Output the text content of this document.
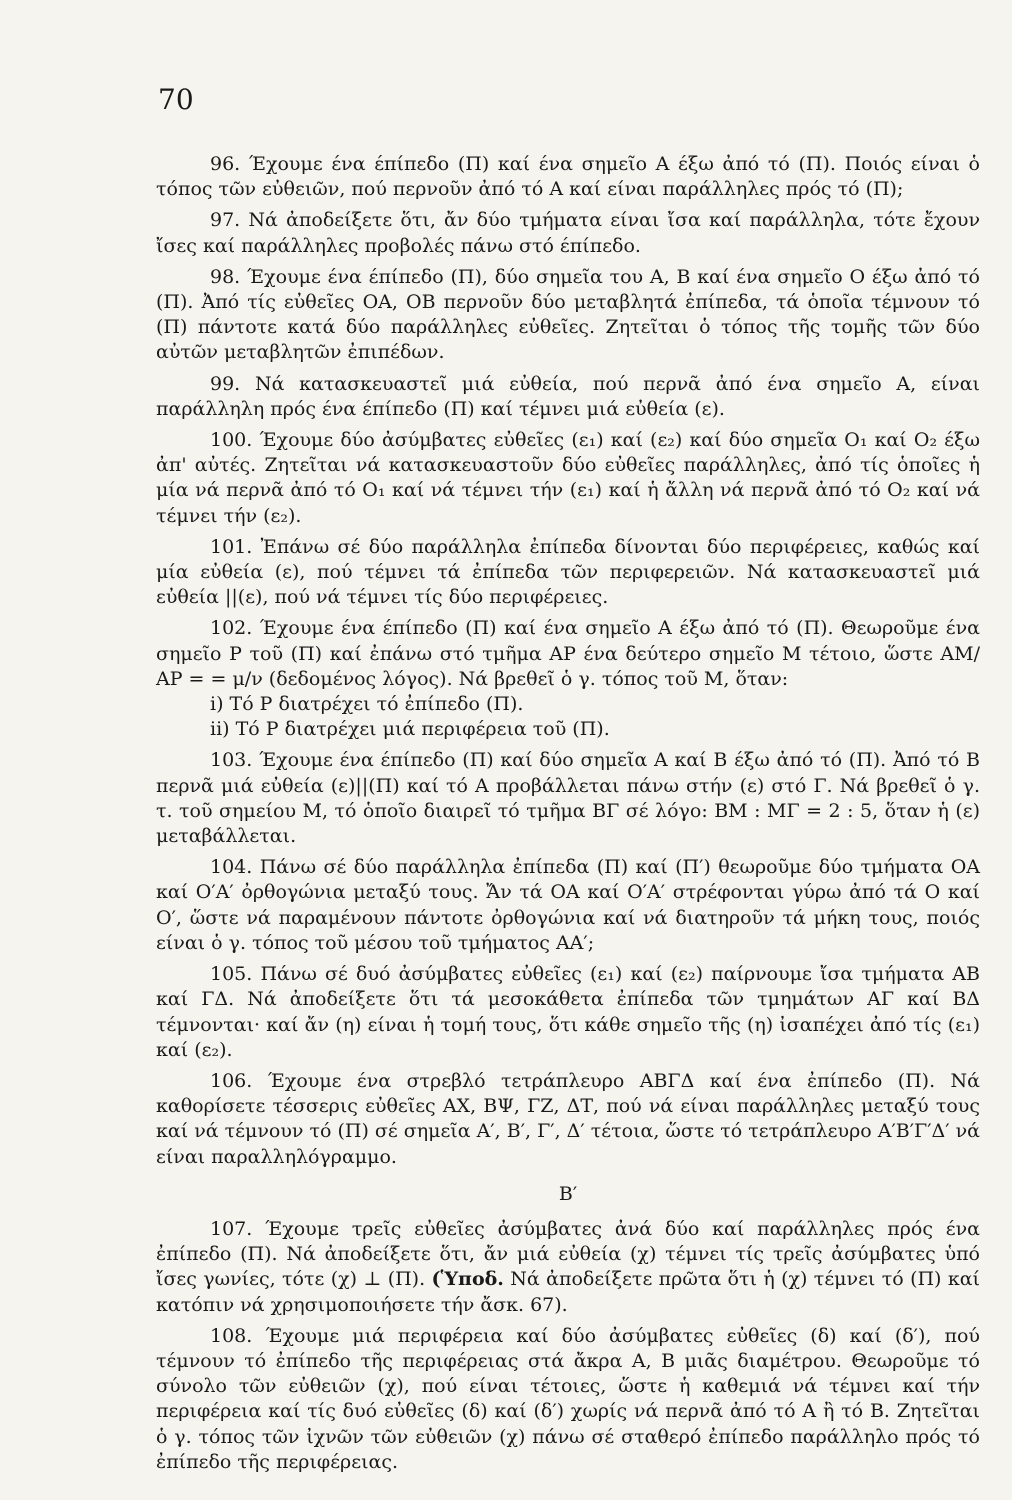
70

96. Έχουμε ένα έπίπεδο (Π) καί ένα σημεῖο Α έξω ἀπό τό (Π). Ποιός είναι ὁ τόπος τῶν εὐθειῶν, πού περνοῦν ἀπό τό Α καί είναι παράλληλες πρός τό (Π);

97. Νά ἀποδείξετε ὅτι, ἄν δύο τμήματα είναι ἴσα καί παράλληλα, τότε ἔχουν ἴσες καί παράλληλες προβολές πάνω στό έπίπεδο.

98. Έχουμε ένα έπίπεδο (Π), δύο σημεῖα του Α, Β καί ένα σημεῖο Ο έξω ἀπό τό (Π). Ἀπό τίς εὐθεῖες ΟΑ, ΟΒ περνοῦν δύο μεταβλητά ἐπίπεδα, τά ὁποῖα τέμνουν τό (Π) πάντοτε κατά δύο παράλληλες εὐθεῖες. Ζητεῖται ὁ τόπος τῆς τομῆς τῶν δύο αὐτῶν μεταβλητῶν ἐπιπέδων.

99. Νά κατασκευαστεῖ μιά εὐθεία, πού περνᾶ ἀπό ένα σημεῖο Α, είναι παράλληλη πρός ένα έπίπεδο (Π) καί τέμνει μιά εὐθεία (ε).

100. Έχουμε δύο ἀσύμβατες εὐθεῖες (ε₁) καί (ε₂) καί δύο σημεῖα Ο₁ καί Ο₂ έξω ἀπ' αὐτές. Ζητεῖται νά κατασκευαστοῦν δύο εὐθεῖες παράλληλες, ἀπό τίς ὁποῖες ἡ μία νά περνᾶ ἀπό τό Ο₁ καί νά τέμνει τήν (ε₁) καί ἡ ἄλλη νά περνᾶ ἀπό τό Ο₂ καί νά τέμνει τήν (ε₂).

101. Ἐπάνω σέ δύο παράλληλα ἐπίπεδα δίνονται δύο περιφέρειες, καθώς καί μία εὐθεία (ε), πού τέμνει τά ἐπίπεδα τῶν περιφερειῶν. Νά κατασκευαστεῖ μιά εὐθεία ||(ε), πού νά τέμνει τίς δύο περιφέρειες.

102. Έχουμε ένα έπίπεδο (Π) καί ένα σημεῖο Α έξω ἀπό τό (Π). Θεωροῦμε ένα σημεῖο Ρ τοῦ (Π) καί ἐπάνω στό τμῆμα ΑΡ ένα δεύτερο σημεῖο Μ τέτοιο, ὥστε ΑΜ/ΑΡ = = μ/ν (δεδομένος λόγος). Νά βρεθεῖ ὁ γ. τόπος τοῦ Μ, ὅταν:

i) Τό Ρ διατρέχει τό ἐπίπεδο (Π).

ii) Τό Ρ διατρέχει μιά περιφέρεια τοῦ (Π).

103. Έχουμε ένα έπίπεδο (Π) καί δύο σημεῖα Α καί Β έξω ἀπό τό (Π). Ἀπό τό Β περνᾶ μιά εὐθεία (ε)||(Π) καί τό Α προβάλλεται πάνω στήν (ε) στό Γ. Νά βρεθεῖ ὁ γ. τ. τοῦ σημείου Μ, τό ὁποῖο διαιρεῖ τό τμῆμα ΒΓ σέ λόγο: ΒΜ : ΜΓ = 2 : 5, ὅταν ἡ (ε) μεταβάλλεται.

104. Πάνω σέ δύο παράλληλα ἐπίπεδα (Π) καί (Π′) θεωροῦμε δύο τμήματα ΟΑ καί Ο′Α′ ὀρθογώνια μεταξύ τους. Ἄν τά ΟΑ καί Ο′Α′ στρέφονται γύρω ἀπό τά Ο καί Ο′, ὥστε νά παραμένουν πάντοτε ὀρθογώνια καί νά διατηροῦν τά μήκη τους, ποιός είναι ὁ γ. τόπος τοῦ μέσου τοῦ τμήματος ΑΑ′;

105. Πάνω σέ δυό ἀσύμβατες εὐθεῖες (ε₁) καί (ε₂) παίρνουμε ἴσα τμήματα ΑΒ καί ΓΔ. Νά ἀποδείξετε ὅτι τά μεσοκάθετα ἐπίπεδα τῶν τμημάτων ΑΓ καί ΒΔ τέμνονται· καί ἄν (η) είναι ἡ τομή τους, ὅτι κάθε σημεῖο τῆς (η) ἰσαπέχει ἀπό τίς (ε₁) καί (ε₂).

106. Έχουμε ένα στρεβλό τετράπλευρο ΑΒΓΔ καί ένα ἐπίπεδο (Π). Νά καθορίσετε τέσσερις εὐθεῖες ΑΧ, ΒΨ, ΓΖ, ΔΤ, πού νά είναι παράλληλες μεταξύ τους καί νά τέμνουν τό (Π) σέ σημεῖα Α′, Β′, Γ′, Δ′ τέτοια, ὥστε τό τετράπλευρο Α′Β′Γ′Δ′ νά είναι παραλληλόγραμμο.

Β′

107. Έχουμε τρεῖς εὐθεῖες ἀσύμβατες ἀνά δύο καί παράλληλες πρός ένα ἐπίπεδο (Π). Νά ἀποδείξετε ὅτι, ἄν μιά εὐθεία (χ) τέμνει τίς τρεῖς ἀσύμβατες ὑπό ἴσες γωνίες, τότε (χ) ⊥ (Π). (Ὑποδ. Νά ἀποδείξετε πρῶτα ὅτι ἡ (χ) τέμνει τό (Π) καί κατόπιν νά χρησιμοποιήσετε τήν ἄσκ. 67).

108. Έχουμε μιά περιφέρεια καί δύο ἀσύμβατες εὐθεῖες (δ) καί (δ′), πού τέμνουν τό ἐπίπεδο τῆς περιφέρειας στά ἄκρα Α, Β μιᾶς διαμέτρου. Θεωροῦμε τό σύνολο τῶν εὐθειῶν (χ), πού είναι τέτοιες, ὥστε ἡ καθεμιά νά τέμνει καί τήν περιφέρεια καί τίς δυό εὐθεῖες (δ) καί (δ′) χωρίς νά περνᾶ ἀπό τό Α ἢ τό Β. Ζητεῖται ὁ γ. τόπος τῶν ἰχνῶν τῶν εὐθειῶν (χ) πάνω σέ σταθερό ἐπίπεδο παράλληλο πρός τό ἐπίπεδο τῆς περιφέρειας.
